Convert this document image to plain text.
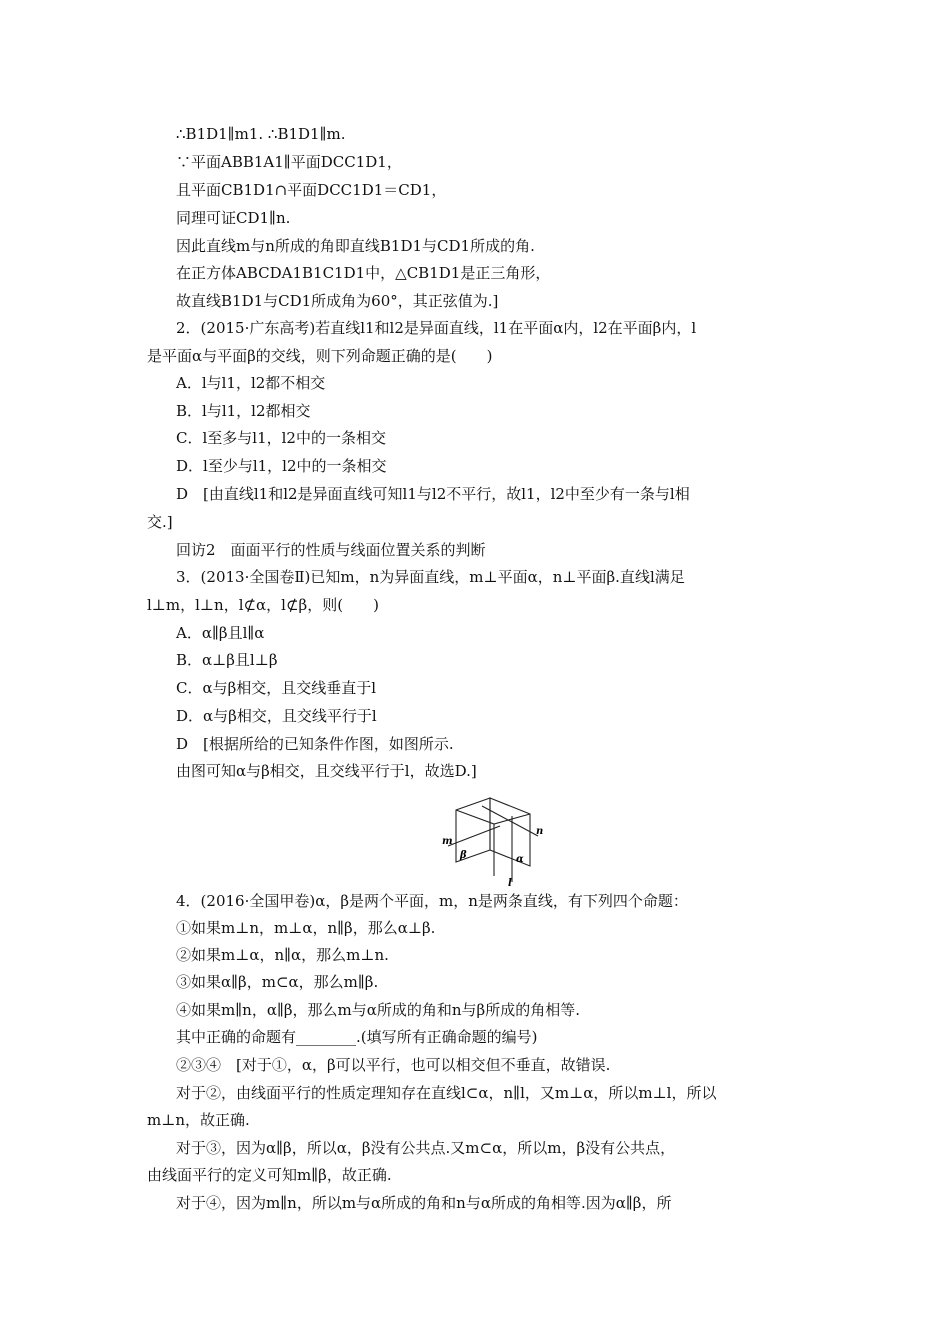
∴B1D1∥m1. ∴B1D1∥m.
∵平面ABB1A1∥平面DCC1D1，
且平面CB1D1∩平面DCC1D1＝CD1，
同理可证CD1∥n.
因此直线m与n所成的角即直线B1D1与CD1所成的角.
在正方体ABCDA1B1C1D1中，△CB1D1是正三角形，
故直线B1D1与CD1所成角为60°，其正弦值为.]
2．(2015·广东高考)若直线l1和l2是异面直线，l1在平面α内，l2在平面β内，l
是平面α与平面β的交线，则下列命题正确的是(　　)
A．l与l1，l2都不相交
B．l与l1，l2都相交
C．l至多与l1，l2中的一条相交
D．l至少与l1，l2中的一条相交
D　[由直线l1和l2是异面直线可知l1与l2不平行，故l1，l2中至少有一条与l相
交.]
回访2　面面平行的性质与线面位置关系的判断
3．(2013·全国卷Ⅱ)已知m，n为异面直线，m⊥平面α，n⊥平面β.直线l满足
l⊥m，l⊥n，l⊄α，l⊄β，则(　　)
A．α∥β且l∥α
B．α⊥β且l⊥β
C．α与β相交，且交线垂直于l
D．α与β相交，且交线平行于l
D　[根据所给的已知条件作图，如图所示.
由图可知α与β相交，且交线平行于l，故选D.]
m
n
β	α
l
4．(2016·全国甲卷)α，β是两个平面，m，n是两条直线，有下列四个命题：
①如果m⊥n，m⊥α，n∥β，那么α⊥β.
②如果m⊥α，n∥α，那么m⊥n.
③如果α∥β，m⊂α，那么m∥β.
④如果m∥n，α∥β，那么m与α所成的角和n与β所成的角相等.
其中正确的命题有________.(填写所有正确命题的编号)
②③④　[对于①，α，β可以平行，也可以相交但不垂直，故错误.
对于②，由线面平行的性质定理知存在直线l⊂α，n∥l，又m⊥α，所以m⊥l，所以
m⊥n，故正确.
对于③，因为α∥β，所以α，β没有公共点.又m⊂α，所以m，β没有公共点，
由线面平行的定义可知m∥β，故正确.
对于④，因为m∥n，所以m与α所成的角和n与α所成的角相等.因为α∥β，所
